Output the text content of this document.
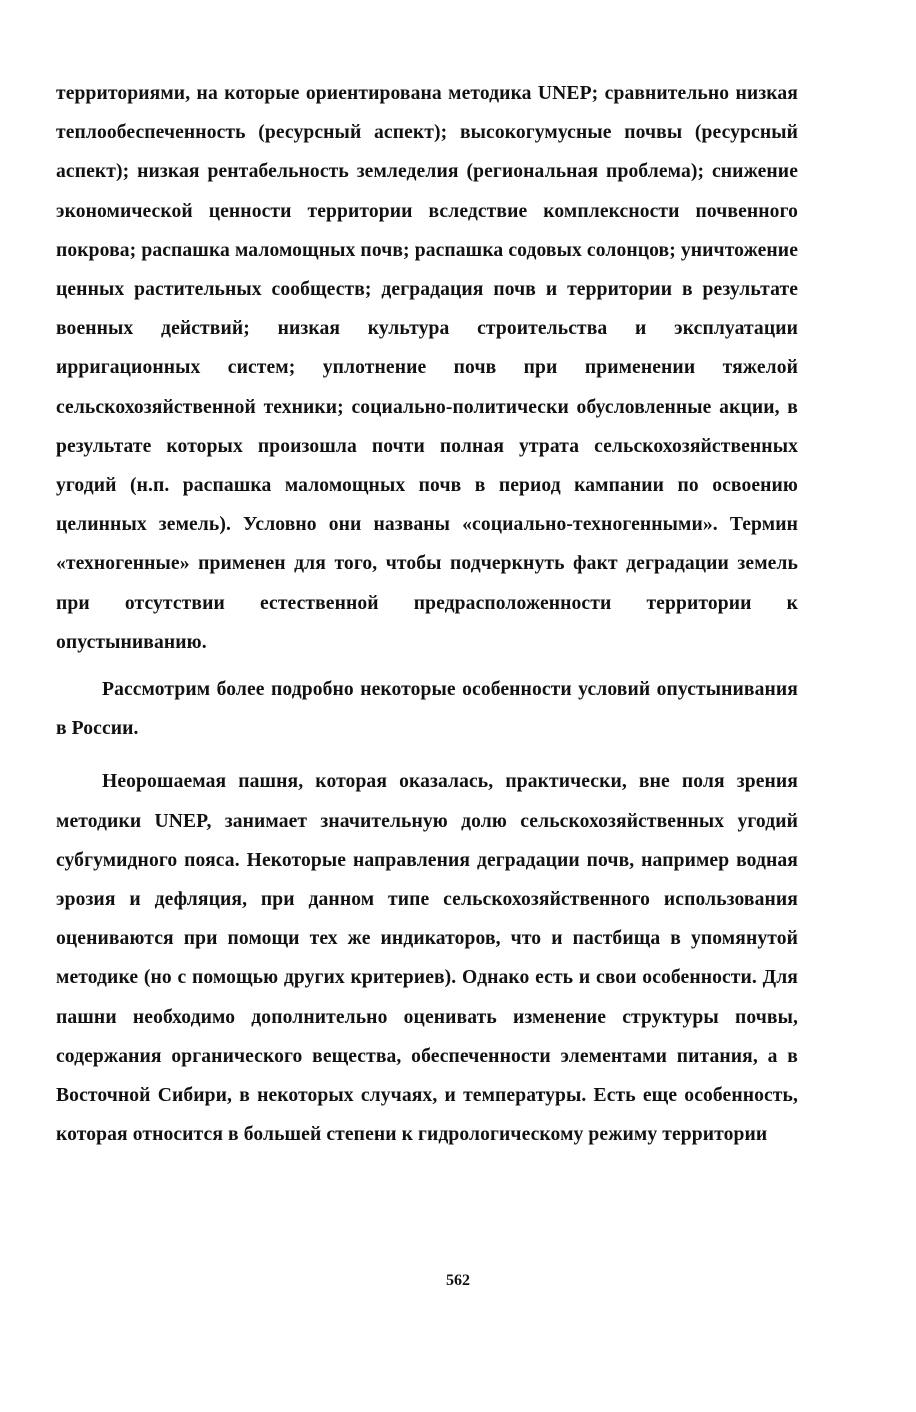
территориями, на которые ориентирована методика UNEP; сравнительно низкая теплообеспеченность (ресурсный аспект); высокогумусные почвы (ресурсный аспект); низкая рентабельность земледелия (региональная проблема); снижение экономической ценности территории вследствие комплексности почвенного покрова; распашка маломощных почв; распашка содовых солонцов; уничтожение ценных растительных сообществ; деградация почв и территории в результате военных действий; низкая культура строительства и эксплуатации ирригационных систем; уплотнение почв при применении тяжелой сельскохозяйственной техники; социально-политически обусловленные акции, в результате которых произошла почти полная утрата сельскохозяйственных угодий (н.п. распашка маломощных почв в период кампании по освоению целинных земель). Условно они названы «социально-техногенными». Термин «техногенные» применен для того, чтобы подчеркнуть факт деградации земель при отсутствии естественной предрасположенности территории к опустыниванию.

Рассмотрим более подробно некоторые особенности условий опустынивания в России.

Неорошаемая пашня, которая оказалась, практически, вне поля зрения методики UNEP, занимает значительную долю сельскохозяйственных угодий субгумидного пояса. Некоторые направления деградации почв, например водная эрозия и дефляция, при данном типе сельскохозяйственного использования оцениваются при помощи тех же индикаторов, что и пастбища в упомянутой методике (но с помощью других критериев). Однако есть и свои особенности. Для пашни необходимо дополнительно оценивать изменение структуры почвы, содержания органического вещества, обеспеченности элементами питания, а в Восточной Сибири, в некоторых случаях, и температуры. Есть еще особенность, которая относится в большей степени к гидрологическому режиму территории

562
